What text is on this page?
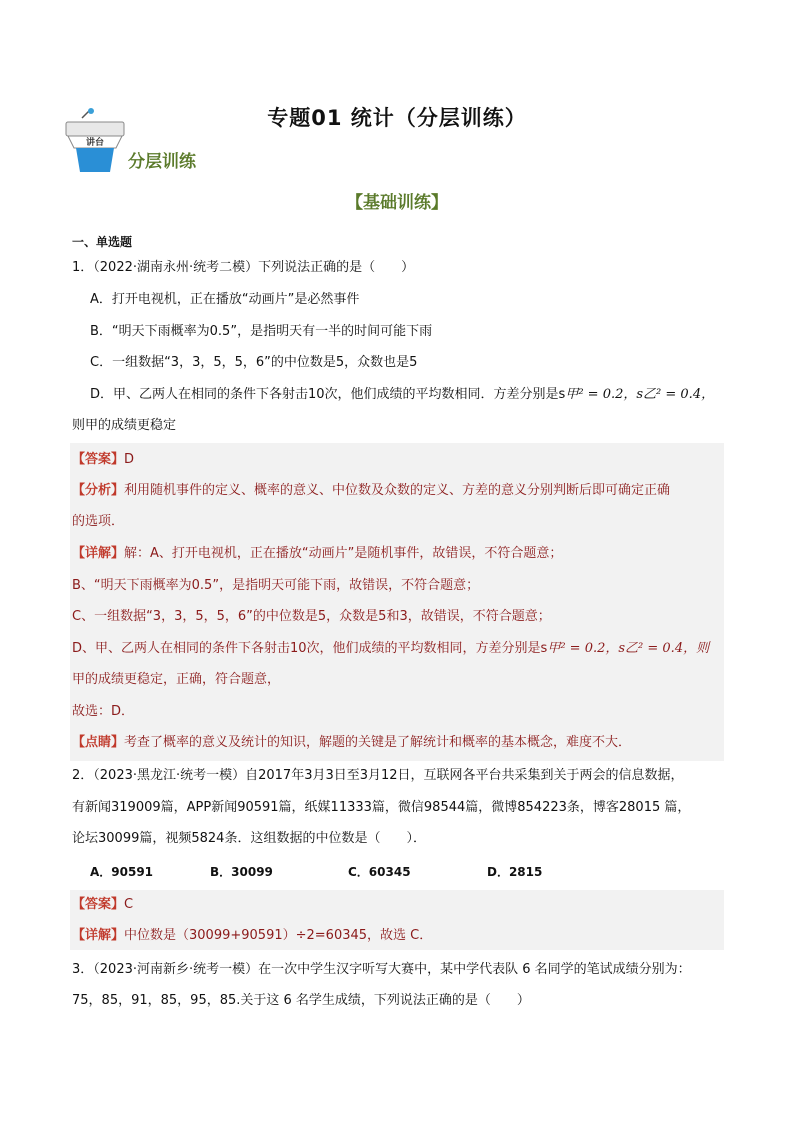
讲台
分层训练
专题01 统计（分层训练）
【基础训练】
一、单选题
1．（2022·湖南永州·统考二模）下列说法正确的是（　　）
A．打开电视机，正在播放“动画片”是必然事件
B．“明天下雨概率为0.5”，是指明天有一半的时间可能下雨
C．一组数据“3，3，5，5，6”的中位数是5，众数也是5
D．甲、乙两人在相同的条件下各射击10次，他们成绩的平均数相同．方差分别是s甲² = 0.2，s乙² = 0.4，
则甲的成绩更稳定
【答案】D
【分析】利用随机事件的定义、概率的意义、中位数及众数的定义、方差的意义分别判断后即可确定正确
的选项．
【详解】解：A、打开电视机，正在播放“动画片”是随机事件，故错误，不符合题意；
B、“明天下雨概率为0.5”，是指明天可能下雨，故错误，不符合题意；
C、一组数据“3，3，5，5，6”的中位数是5，众数是5和3，故错误，不符合题意；
D、甲、乙两人在相同的条件下各射击10次，他们成绩的平均数相同，方差分别是s甲² = 0.2，s乙² = 0.4，则
甲的成绩更稳定，正确，符合题意，
故选：D．
【点睛】考查了概率的意义及统计的知识，解题的关键是了解统计和概率的基本概念，难度不大．
2．（2023·黑龙江·统考一模）自2017年3月3日至3月12日，互联网各平台共采集到关于两会的信息数据，
有新闻319009篇，APP新闻90591篇，纸媒11333篇，微信98544篇，微博854223条，博客28015 篇，
论坛30099篇，视频5824条．这组数据的中位数是（　　）．
A．90591	B．30099	C．60345	D．2815
【答案】C
【详解】中位数是（30099+90591）÷2=60345，故选 C．
3．（2023·河南新乡·统考一模）在一次中学生汉字听写大赛中，某中学代表队 6 名同学的笔试成绩分别为：
75，85，91，85，95，85.关于这 6 名学生成绩，下列说法正确的是（　　）
